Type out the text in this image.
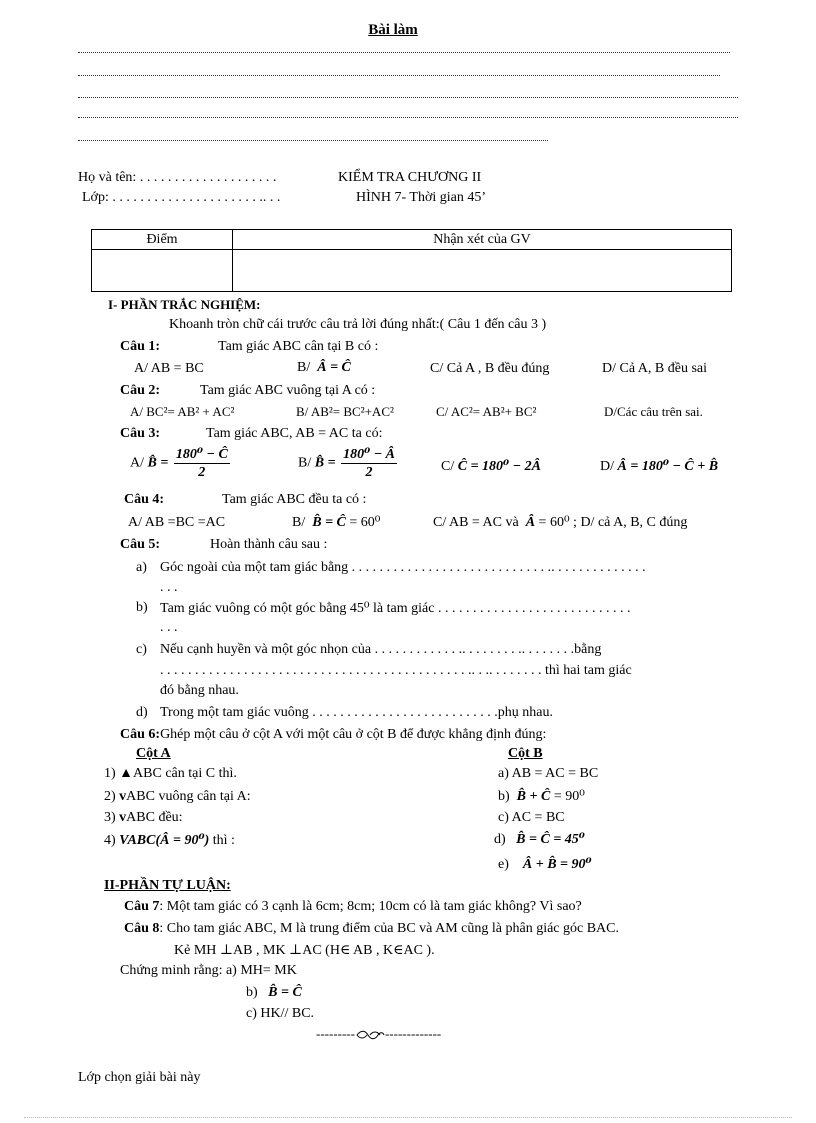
Bài làm
Họ và tên: . . . . . . . . . . . . . . . . . . . .	KIỂM TRA CHƯƠNG II
Lớp: . . . . . . . . . . . . . . . . . . . . . .. . .	HÌNH 7- Thời gian 45’
Điểm	Nhận xét của GV

I- PHẦN TRẮC NGHIỆM:
Khoanh tròn chữ cái trước câu trả lời đúng nhất:( Câu 1 đến câu 3 )
Câu 1:	Tam giác ABC cân tại B có :
A/ AB = BC	B/  Â = Ĉ	C/ Cả A , B đều đúng	D/ Cả A, B đều sai
Câu 2:	Tam giác ABC vuông tại A có :
A/ BC²= AB² + AC²	B/ AB²= BC²+AC²	C/ AC²= AB²+ BC²	D/Các câu trên sai.
Câu 3:	Tam giác ABC, AB = AC ta có:
A/ B̂ = $\frac{\text{180⁰ − Ĉ}}{2}$	B/ B̂ = $\frac{\text{180⁰ − Â}}{2}$	C/ Ĉ = 180⁰ − 2Â	D/ Â = 180⁰ − Ĉ + B̂
Câu 4:	Tam giác ABC đều ta có :
A/ AB =BC =AC	B/  B̂ = Ĉ = 60⁰	C/ AB = AC và  Â = 60⁰ ; D/ cả A, B, C đúng
Câu 5:	Hoàn thành câu sau :
a) Góc ngoài của một tam giác bằng . . . . . . . . . . . . . . . . . . . . . . . . . . . . .. . . . . . . . . . . . . .
. . .
b) Tam giác vuông có một góc bằng 45⁰ là tam giác . . . . . . . . . . . . . . . . . . . . . . . . . . . .
. . .
c) Nếu cạnh huyền và một góc nhọn của . . . . . . . . . . . . .. . . . . . . . .. . . . . . . .bằng
. . . . . . . . . . . . . . . . . . . . . . . . . . . . . . . . . . . . . . . . . . . . .. . .. . . . . . . . thì hai tam giác
đó bằng nhau.
d) Trong một tam giác vuông . . . . . . . . . . . . . . . . . . . . . . . . . . .phụ nhau.
Câu 6:Ghép một câu ở cột A với một câu ở cột B để được khẳng định đúng:
Cột A	Cột B
1) ▲ABC cân tại C thì.
2) vABC vuông cân tại A:
3) vABC đều:
4) VABC(Â = 90⁰) thì :
a) AB = AC = BC
b)  B̂ + Ĉ = 90⁰
c) AC = BC
d)   B̂ = Ĉ = 45⁰
e)    Â + B̂ = 90⁰
II-PHẦN TỰ LUẬN:
Câu 7: Một tam giác có 3 cạnh là 6cm; 8cm; 10cm có là tam giác không? Vì sao?
Câu 8: Cho tam giác ABC, M là trung điểm của BC và AM cũng là phân giác góc BAC.
Kẻ MH ⊥AB , MK ⊥AC (H∈ AB , K∈AC ).
Chứng minh rằng: a) MH= MK
b)   B̂ = Ĉ
c) HK// BC.
--------- -------------
Lớp chọn giải bài này
